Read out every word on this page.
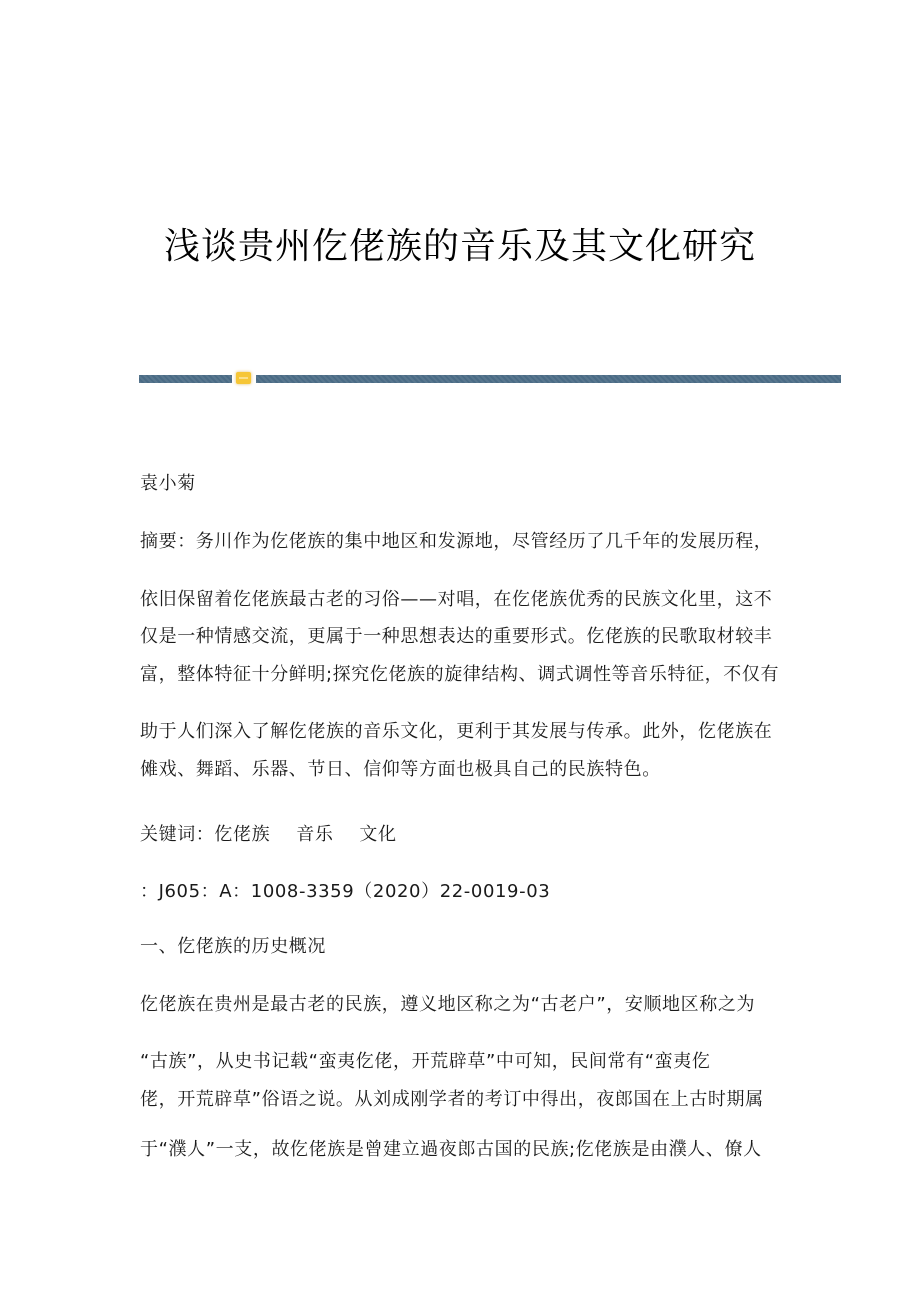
浅谈贵州仡佬族的音乐及其文化研究
袁小菊
摘要：务川作为仡佬族的集中地区和发源地，尽管经历了几千年的发展历程，
依旧保留着仡佬族最古老的习俗——对唱，在仡佬族优秀的民族文化里，这不
仅是一种情感交流，更属于一种思想表达的重要形式。仡佬族的民歌取材较丰
富，整体特征十分鲜明;探究仡佬族的旋律结构、调式调性等音乐特征，不仅有
助于人们深入了解仡佬族的音乐文化，更利于其发展与传承。此外，仡佬族在
傩戏、舞蹈、乐器、节日、信仰等方面也极具自己的民族特色。
关键词：仡佬族 音乐 文化
：J605：A：1008-3359（2020）22-0019-03
一、仡佬族的历史概况
仡佬族在贵州是最古老的民族，遵义地区称之为“古老户”，安顺地区称之为
“古族”，从史书记载“蛮夷仡佬，开荒辟草”中可知，民间常有“蛮夷仡
佬，开荒辟草”俗语之说。从刘成刚学者的考订中得出，夜郎国在上古时期属
于“濮人”一支，故仡佬族是曾建立過夜郎古国的民族;仡佬族是由濮人、僚人
